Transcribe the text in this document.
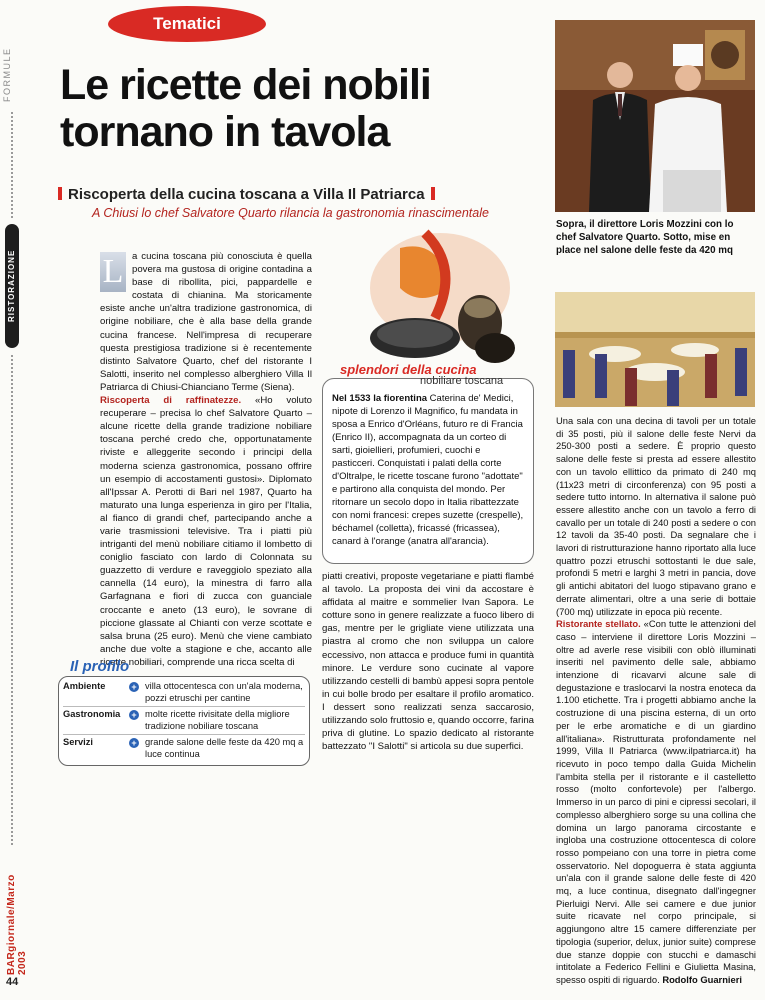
FORMULE
RISTORAZIONE
BARgiornale/Marzo 2003
44
Tematici
Le ricette dei nobili
tornano in tavola
Riscoperta della cucina toscana a Villa Il Patriarca
A Chiusi lo chef Salvatore Quarto rilancia la gastronomia rinascimentale

L a cucina toscana più conosciuta è quella povera ma gustosa di origine contadina a base di ribollita, pici, pappardelle e costata di chianina. Ma storicamente esiste anche un'altra tradizione gastronomica, di origine nobiliare, che è alla base della grande cucina francese. Nell'impresa di recuperare questa prestigiosa tradizione si è recentemente distinto Salvatore Quarto, chef del ristorante I Salotti, inserito nel complesso alberghiero Villa Il Patriarca di Chiusi-Chianciano Terme (Siena).

Riscoperta di raffinatezze. «Ho voluto recuperare – precisa lo chef Salvatore Quarto – alcune ricette della grande tradizione nobiliare toscana perché credo che, opportunatamente riviste e alleggerite secondo i principi della moderna scienza gastronomica, possano offrire un esempio di accostamenti gustosi». Diplomato all'Ipssar A. Perotti di Bari nel 1987, Quarto ha maturato una lunga esperienza in giro per l'Italia, al fianco di grandi chef, partecipando anche a varie trasmissioni televisive. Tra i piatti più intriganti del menù nobiliare citiamo il lombetto di coniglio fasciato con lardo di Colonnata su guazzetto di verdure e raveggiolo speziato alla cannella (14 euro), la minestra di farro alla Garfagnana e fiori di zucca con guanciale croccante e aneto (13 euro), le sovrane di piccione glassate al Chianti con verze scottate e salsa bruna (25 euro). Menù che viene cambiato anche due volte a stagione e che, accanto alle ricette nobiliari, comprende una ricca scelta di

splendori della cucina
nobiliare toscana
Nel 1533 la fiorentina Caterina de' Medici, nipote di Lorenzo il Magnifico, fu mandata in sposa a Enrico d'Orléans, futuro re di Francia (Enrico II), accompagnata da un corteo di sarti, gioiellieri, profumieri, cuochi e pasticceri. Conquistati i palati della corte d'Oltralpe, le ricette toscane furono "adottate" e partirono alla conquista del mondo. Per ritornare un secolo dopo in Italia ribattezzate con nomi francesi: crepes suzette (crespelle), béchamel (colletta), fricassé (fricassea), canard à l'orange (anatra all'arancia).

piatti creativi, proposte vegetariane e piatti flambé al tavolo. La proposta dei vini da accostare è affidata al maitre e sommelier Ivan Sapora. Le cotture sono in genere realizzate a fuoco libero di gas, mentre per le grigliate viene utilizzata una piastra al cromo che non sviluppa un calore eccessivo, non attacca e produce fumi in quantità minore. Le verdure sono cucinate al vapore utilizzando cestelli di bambù appesi sopra pentole in cui bolle brodo per esaltare il profilo aromatico. I dessert sono realizzati senza saccarosio, utilizzando solo fruttosio e, quando occorre, farina priva di glutine. Lo spazio dedicato al ristorante battezzato "I Salotti" si articola su due superfici.

Il profilo
Ambiente	+ villa ottocentesca con un'ala moderna, pozzi etruschi per cantine
Gastronomia	+ molte ricette rivisitate della migliore tradizione nobiliare toscana
Servizi	+ grande salone delle feste da 420 mq a luce continua
Sopra, il direttore Loris Mozzini con lo chef Salvatore Quarto. Sotto, mise en place nel salone delle feste da 420 mq

Una sala con una decina di tavoli per un totale di 35 posti, più il salone delle feste Nervi da 250-300 posti a sedere. È proprio questo salone delle feste si presta ad essere allestito con un tavolo ellittico da primato di 240 mq (11x23 metri di circonferenza) con 95 posti a sedere tutto intorno. In alternativa il salone può essere allestito anche con un tavolo a ferro di cavallo per un totale di 240 posti a sedere o con 12 tavoli da 35-40 posti. Da segnalare che i lavori di ristrutturazione hanno riportato alla luce quattro pozzi etruschi sottostanti le due sale, profondi 5 metri e larghi 3 metri in pancia, dove gli antichi abitatori del luogo stipavano grano e derrate alimentari, oltre a una serie di bottaie (700 mq) utilizzate in epoca più recente.

Ristorante stellato. «Con tutte le attenzioni del caso – interviene il direttore Loris Mozzini – oltre ad averle rese visibili con oblò illuminati inseriti nel pavimento delle sale, abbiamo intenzione di ricavarvi alcune sale di degustazione e traslocarvi la nostra enoteca da 1.100 etichette. Tra i progetti abbiamo anche la costruzione di una piscina esterna, di un orto per le erbe aromatiche e di un giardino all'italiana». Ristrutturata profondamente nel 1999, Villa Il Patriarca (www.ilpatriarca.it) ha ricevuto in poco tempo dalla Guida Michelin l'ambita stella per il ristorante e il castelletto rosso (molto confortevole) per l'albergo. Immerso in un parco di pini e cipressi secolari, il complesso alberghiero sorge su una collina che domina un largo panorama circostante e ingloba una costruzione ottocentesca di colore rosso pompeiano con una torre in pietra come osservatorio. Nel dopoguerra è stata aggiunta un'ala con il grande salone delle feste di 420 mq, a luce continua, disegnato dall'ingegner Pierluigi Nervi. Alle sei camere e due junior suite ricavate nel corpo principale, si aggiungono altre 15 camere differenziate per tipologia (superior, delux, junior suite) comprese due stanze doppie con stucchi e damaschi intitolate a Federico Fellini e Giulietta Masina, spesso ospiti di riguardo. Rodolfo Guarnieri
